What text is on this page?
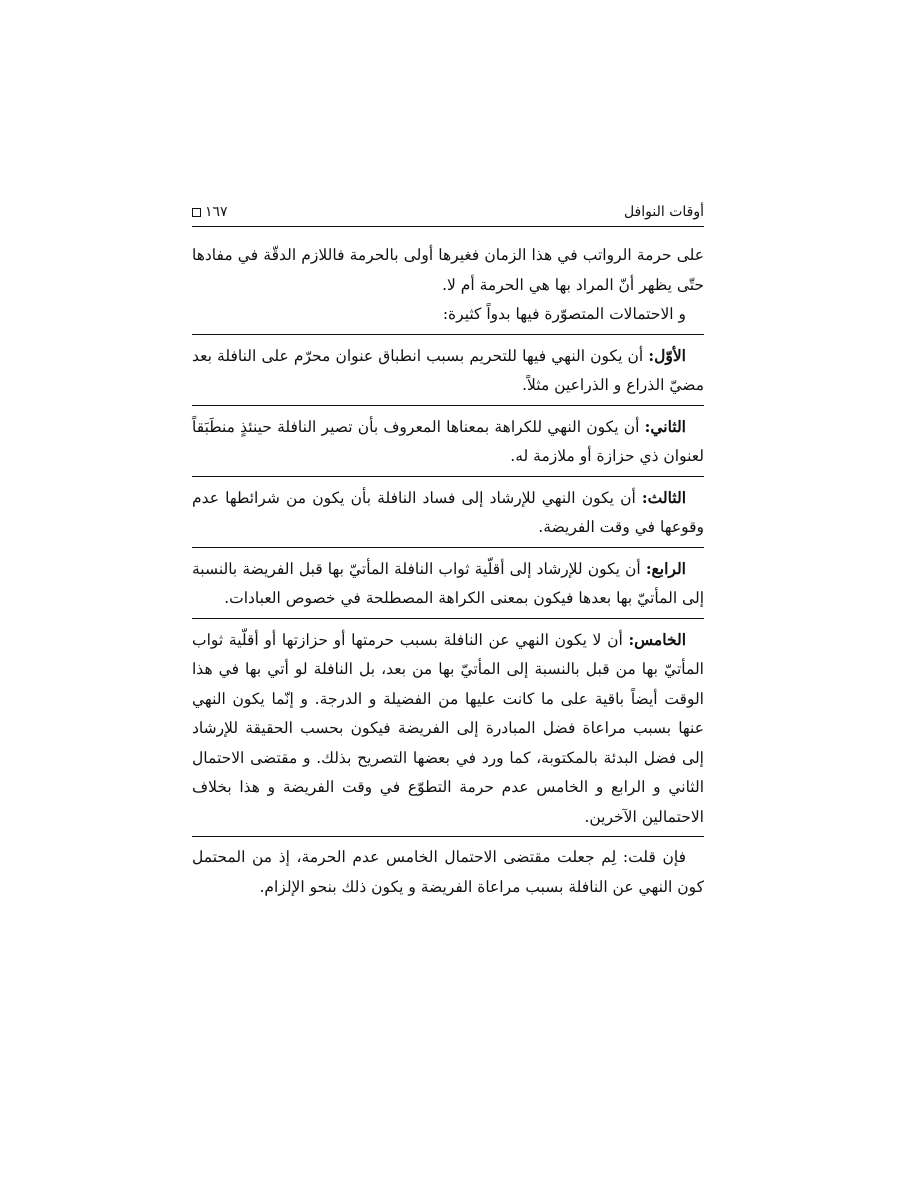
أوقات النوافل
١٦٧

على حرمة الرواتب في هذا الزمان فغيرها أولى بالحرمة فاللازم الدقّة في مفادها حتّى يظهر أنّ المراد بها هي الحرمة أم لا.

و الاحتمالات المتصوّرة فيها بدواً كثيرة:

الأوّل: أن يكون النهي فيها للتحريم بسبب انطباق عنوان محرّم على النافلة بعد مضيّ الذراع و الذراعين مثلاً.

الثاني: أن يكون النهي للكراهة بمعناها المعروف بأن تصير النافلة حينئذٍ منطَبَقاً لعنوان ذي حزازة أو ملازمة له.

الثالث: أن يكون النهي للإرشاد إلى فساد النافلة بأن يكون من شرائطها عدم وقوعها في وقت الفريضة.

الرابع: أن يكون للإرشاد إلى أقلّية ثواب النافلة المأتيّ بها قبل الفريضة بالنسبة إلى المأتيّ بها بعدها فيكون بمعنى الكراهة المصطلحة في خصوص العبادات.

الخامس: أن لا يكون النهي عن النافلة بسبب حرمتها أو حزازتها أو أقلّية ثواب المأتيّ بها من قبل بالنسبة إلى المأتيّ بها من بعد، بل النافلة لو أتي بها في هذا الوقت أيضاً باقية على ما كانت عليها من الفضيلة و الدرجة. و إنّما يكون النهي عنها بسبب مراعاة فضل المبادرة إلى الفريضة فيكون بحسب الحقيقة للإرشاد إلى فضل البدئة بالمكتوبة، كما ورد في بعضها التصريح بذلك. و مقتضى الاحتمال الثاني و الرابع و الخامس عدم حرمة التطوّع في وقت الفريضة و هذا بخلاف الاحتمالين الآخرين.

فإن قلت: لِم جعلت مقتضى الاحتمال الخامس عدم الحرمة، إذ من المحتمل كون النهي عن النافلة بسبب مراعاة الفريضة و يكون ذلك بنحو الإلزام.
